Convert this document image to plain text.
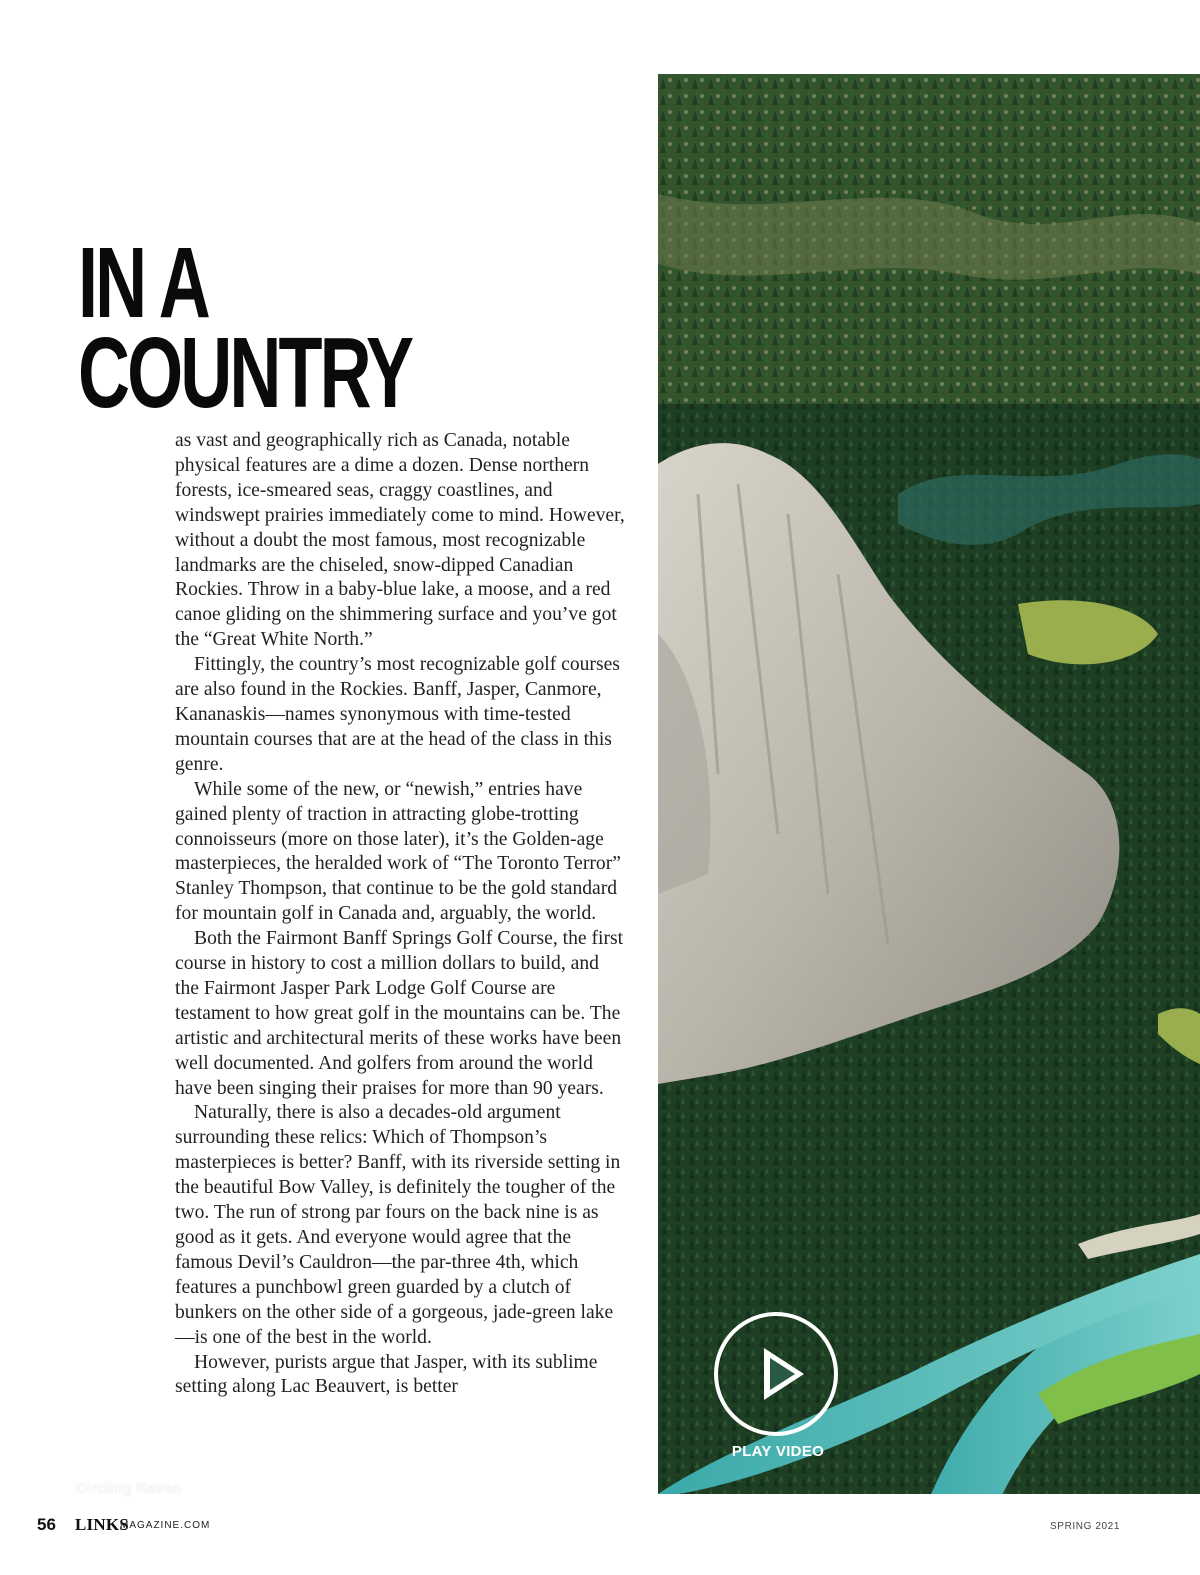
IN A
COUNTRY

as vast and geographically rich as Canada, notable physical features are a dime a dozen. Dense northern forests, ice-smeared seas, craggy coastlines, and windswept prairies immediately come to mind. However, without a doubt the most famous, most recognizable landmarks are the chiseled, snow-dipped Canadian Rockies. Throw in a baby-blue lake, a moose, and a red canoe gliding on the shimmering surface and you’ve got the “Great White North.”

Fittingly, the country’s most recognizable golf courses are also found in the Rockies. Banff, Jasper, Canmore, Kananaskis—names synonymous with time-tested mountain courses that are at the head of the class in this genre.

While some of the new, or “newish,” entries have gained plenty of traction in attracting globe-trotting connoisseurs (more on those later), it’s the Golden-age masterpieces, the heralded work of “The Toronto Terror” Stanley Thompson, that continue to be the gold standard for mountain golf in Canada and, arguably, the world.

Both the Fairmont Banff Springs Golf Course, the first course in history to cost a million dollars to build, and the Fairmont Jasper Park Lodge Golf Course are testament to how great golf in the mountains can be. The artistic and architectural merits of these works have been well documented. And golfers from around the world have been singing their praises for more than 90 years.

Naturally, there is also a decades-old argument surrounding these relics: Which of Thompson’s masterpieces is better? Banff, with its riverside setting in the beautiful Bow Valley, is definitely the tougher of the two. The run of strong par fours on the back nine is as good as it gets. And everyone would agree that the famous Devil’s Cauldron—the par-three 4th, which features a punchbowl green guarded by a clutch of bunkers on the other side of a gorgeous, jade-green lake—is one of the best in the world.

However, purists argue that Jasper, with its sublime setting along Lac Beauvert, is better

PLAY VIDEO
Circling Raven
56 LINKS
MAGAZINE.COM	SPRING 2021
